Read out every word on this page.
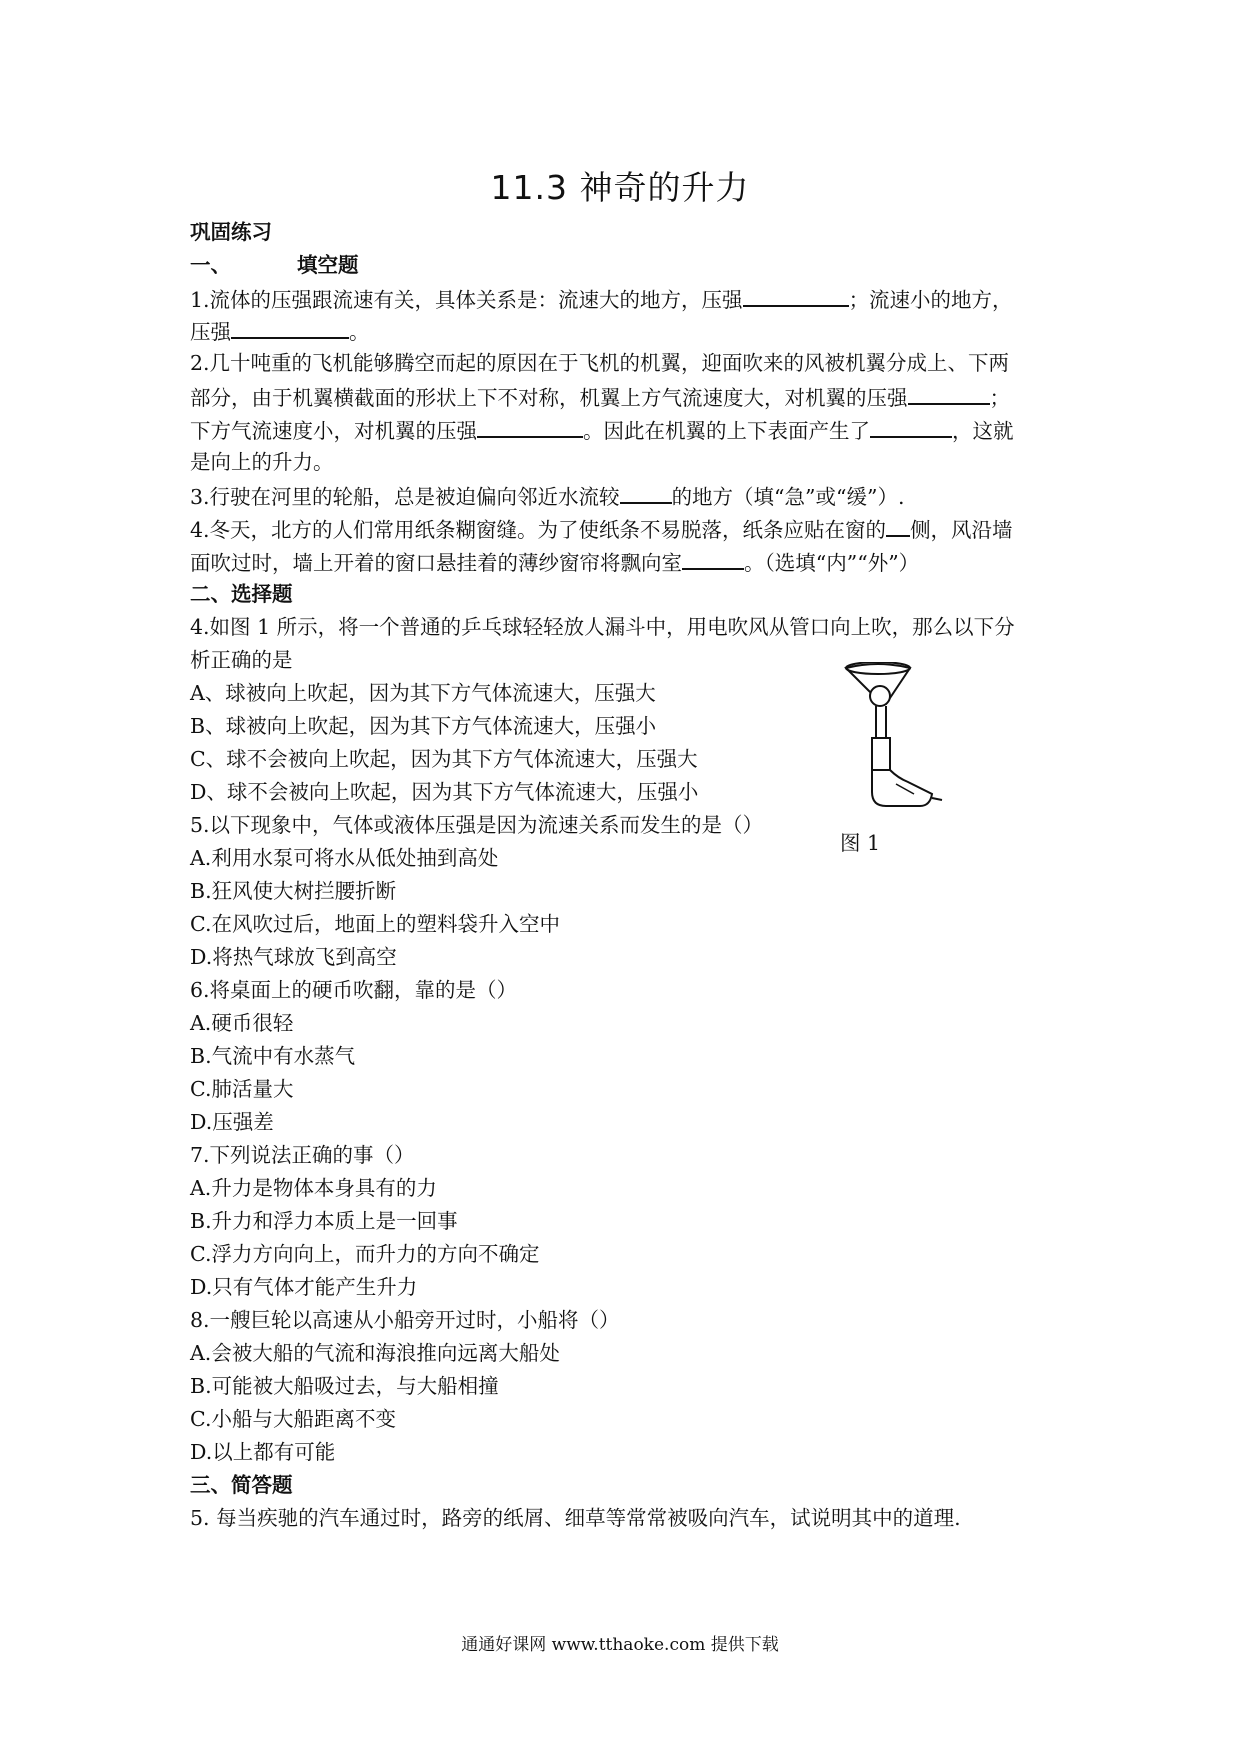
11.3 神奇的升力
巩固练习
一、	填空题
1.流体的压强跟流速有关，具体关系是：流速大的地方，压强	；流速小的地方，
压强	。
2.几十吨重的飞机能够腾空而起的原因在于飞机的机翼，迎面吹来的风被机翼分成上、下两
部分，由于机翼横截面的形状上下不对称，机翼上方气流速度大，对机翼的压强	；
下方气流速度小，对机翼的压强	。因此在机翼的上下表面产生了	，这就
是向上的升力。
3.行驶在河里的轮船，总是被迫偏向邻近水流较	的地方（填“急”或“缓”）.
4.冬天，北方的人们常用纸条糊窗缝。为了使纸条不易脱落，纸条应贴在窗的 侧，风沿墙
面吹过时，墙上开着的窗口悬挂着的薄纱窗帘将飘向室	。（选填“内”“外”）
二、选择题
4.如图 1 所示，将一个普通的乒乓球轻轻放人漏斗中，用电吹风从管口向上吹，那么以下分
析正确的是
A、球被向上吹起，因为其下方气体流速大，压强大
B、球被向上吹起，因为其下方气体流速大，压强小
C、球不会被向上吹起，因为其下方气体流速大，压强大
D、球不会被向上吹起，因为其下方气体流速大，压强小
图 1
5.以下现象中，气体或液体压强是因为流速关系而发生的是（）
A.利用水泵可将水从低处抽到高处
B.狂风使大树拦腰折断
C.在风吹过后，地面上的塑料袋升入空中
D.将热气球放飞到高空
6.将桌面上的硬币吹翻，靠的是（）
A.硬币很轻
B.气流中有水蒸气
C.肺活量大
D.压强差
7.下列说法正确的事（）
A.升力是物体本身具有的力
B.升力和浮力本质上是一回事
C.浮力方向向上，而升力的方向不确定
D.只有气体才能产生升力
8.一艘巨轮以高速从小船旁开过时，小船将（）
A.会被大船的气流和海浪推向远离大船处
B.可能被大船吸过去，与大船相撞
C.小船与大船距离不变
D.以上都有可能
三、简答题
5. 每当疾驰的汽车通过时，路旁的纸屑、细草等常常被吸向汽车，试说明其中的道理.
通通好课网 www.tthaoke.com 提供下载
